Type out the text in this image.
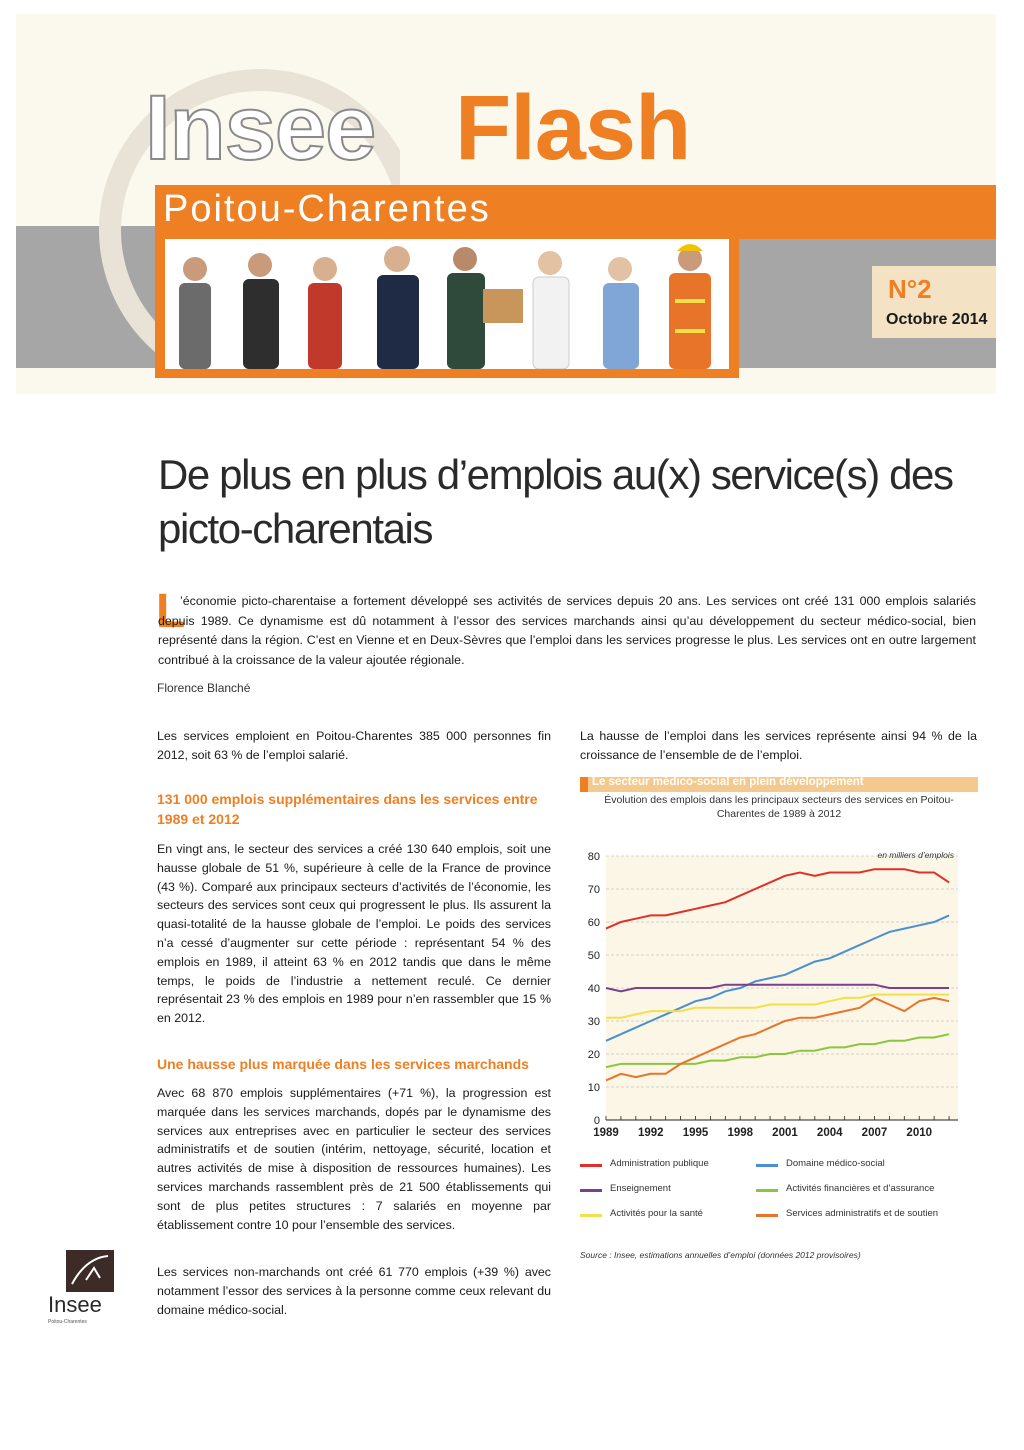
Insee Flash
Poitou-Charentes
N°2
Octobre 2014
De plus en plus d’emplois au(x) service(s) des picto-charentais
L
’économie picto-charentaise a fortement développé ses activités de services depuis 20 ans. Les services ont créé 131 000 emplois salariés depuis 1989. Ce dynamisme est dû notamment à l’essor des services marchands ainsi qu’au développement du secteur médico-social, bien représenté dans la région. C’est en Vienne et en Deux-Sèvres que l’emploi dans les services progresse le plus. Les services ont en outre largement contribué à la croissance de la valeur ajoutée régionale.
Florence Blanché
Les services emploient en Poitou-Charentes 385 000 personnes fin 2012, soit 63 % de l’emploi salarié.
131 000 emplois supplémentaires dans les services entre 1989 et 2012
En vingt ans, le secteur des services a créé 130 640 emplois, soit une hausse globale de 51 %, supérieure à celle de la France de province (43 %). Comparé aux principaux secteurs d’activités de l’économie, les secteurs des services sont ceux qui progressent le plus. Ils assurent la quasi-totalité de la hausse globale de l’emploi. Le poids des services n’a cessé d’augmenter sur cette période : représentant 54 % des emplois en 1989, il atteint 63 % en 2012 tandis que dans le même temps, le poids de l’industrie a nettement reculé. Ce dernier représentait 23 % des emplois en 1989 pour n’en rassembler que 15 % en 2012.
Une hausse plus marquée dans les services marchands
Avec 68 870 emplois supplémentaires (+71 %), la progression est marquée dans les services marchands, dopés par le dynamisme des services aux entreprises avec en particulier le secteur des services administratifs et de soutien (intérim, nettoyage, sécurité, location et autres activités de mise à disposition de ressources humaines). Les services marchands rassemblent près de 21 500 établissements qui sont de plus petites structures : 7 salariés en moyenne par établissement contre 10 pour l’ensemble des services.
Les services non-marchands ont créé 61 770 emplois (+39 %) avec notamment l’essor des services à la personne comme ceux relevant du domaine médico-social.
La hausse de l’emploi dans les services représente ainsi 94 % de la croissance de l’ensemble de de l’emploi.
Le secteur médico-social en plein développement
Évolution des emplois dans les principaux secteurs des services en Poitou-Charentes de 1989 à 2012
0
10
20
30
40
50
60
70
80
1989 1992 1995 1998 2001 2004 2007 2010
en milliers d’emplois
Administration publique	Domaine médico-social
Enseignement	Activités financières et d’assurance
Activités pour la santé	Services administratifs et de soutien
Source : Insee, estimations annuelles d’emploi (données 2012 provisoires)
Insee
Poitou-Charentes
